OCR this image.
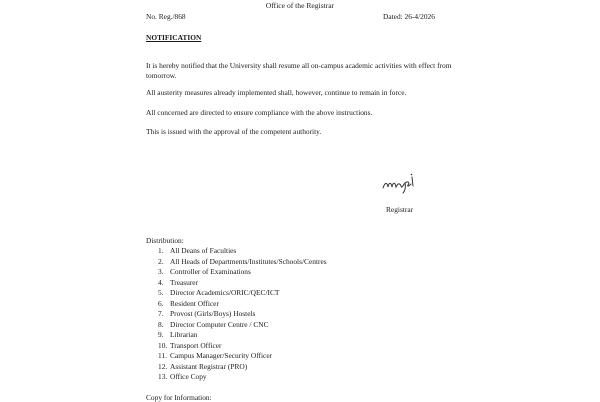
Office of the Registrar
No. Reg./868	Dated: 26-4/2026
NOTIFICATION
It is hereby notified that the University shall resume all on-campus academic activities with effect from tomorrow.
All austerity measures already implemented shall, however, continue to remain in force.
All concerned are directed to ensure compliance with the above instructions.
This is issued with the approval of the competent authority.
Registrar
Distribution:
1. All Deans of Faculties
2. All Heads of Departments/Institutes/Schools/Centres
3. Controller of Examinations
4. Treasurer
5. Director Academics/ORIC/QEC/ICT
6. Resident Officer
7. Provost (Girls/Boys) Hostels
8. Director Computer Centre / CNC
9. Librarian
10. Transport Officer
11. Campus Manager/Security Officer
12. Assistant Registrar (PRO)
13. Office Copy
Copy for Information:
